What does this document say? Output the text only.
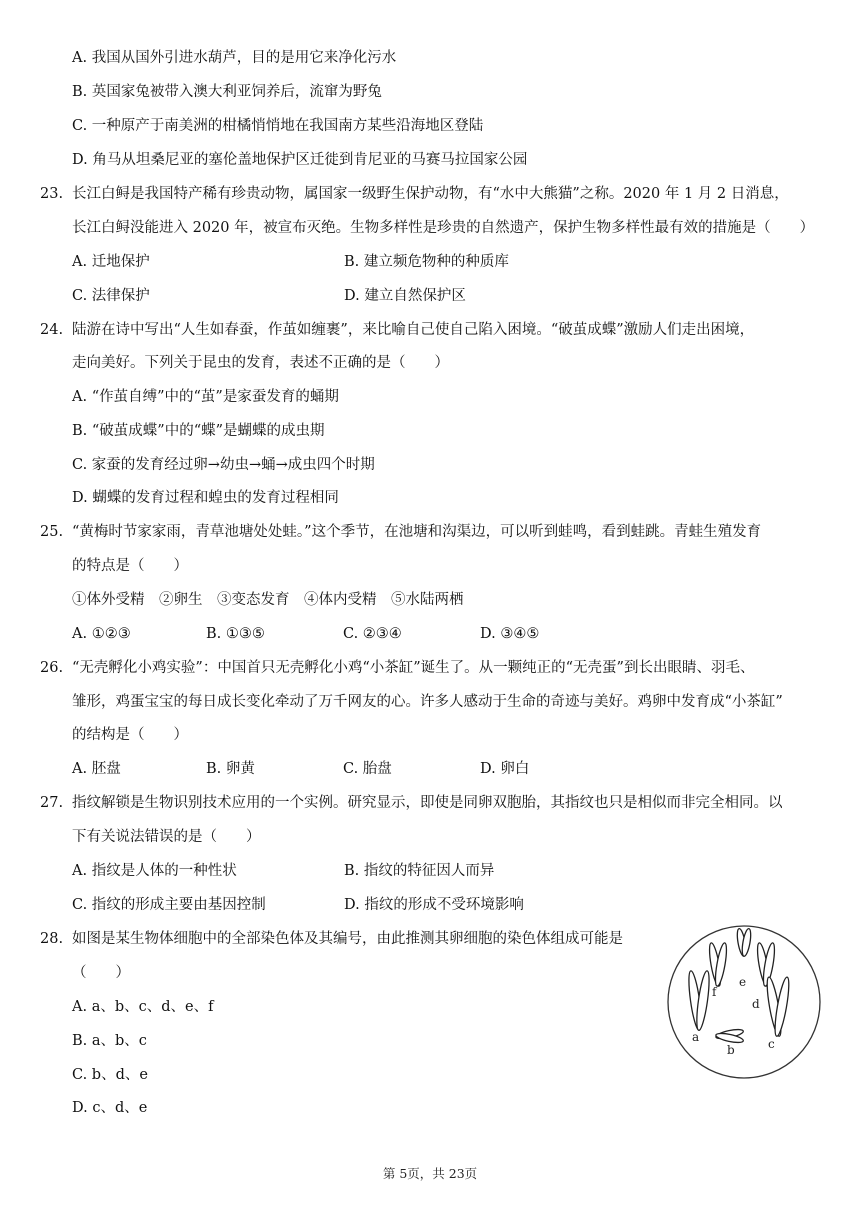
A. 我国从国外引进水葫芦，目的是用它来净化污水
B. 英国家兔被带入澳大利亚饲养后，流窜为野兔
C. 一种原产于南美洲的柑橘悄悄地在我国南方某些沿海地区登陆
D. 角马从坦桑尼亚的塞伦盖地保护区迁徙到肯尼亚的马赛马拉国家公园
23. 长江白鲟是我国特产稀有珍贵动物，属国家一级野生保护动物，有“水中大熊猫”之称。2020 年 1 月 2 日消息，
长江白鲟没能进入 2020 年，被宣布灭绝。生物多样性是珍贵的自然遗产，保护生物多样性最有效的措施是（　　）
A. 迁地保护	B. 建立频危物种的种质库
C. 法律保护	D. 建立自然保护区
24. 陆游在诗中写出“人生如春蚕，作茧如缠裹”，来比喻自己使自己陷入困境。“破茧成蝶”激励人们走出困境，
走向美好。下列关于昆虫的发育，表述不正确的是（　　）
A. “作茧自缚”中的“茧”是家蚕发育的蛹期
B. “破茧成蝶”中的“蝶”是蝴蝶的成虫期
C. 家蚕的发育经过卵→幼虫→蛹→成虫四个时期
D. 蝴蝶的发育过程和蝗虫的发育过程相同
25. “黄梅时节家家雨，青草池塘处处蛙。”这个季节，在池塘和沟渠边，可以听到蛙鸣，看到蛙跳。青蛙生殖发育
的特点是（　　）
①体外受精　②卵生　③变态发育　④体内受精　⑤水陆两栖
A. ①②③	B. ①③⑤	C. ②③④	D. ③④⑤
26. “无壳孵化小鸡实验”：中国首只无壳孵化小鸡“小茶缸”诞生了。从一颗纯正的“无壳蛋”到长出眼睛、羽毛、
雏形，鸡蛋宝宝的每日成长变化牵动了万千网友的心。许多人感动于生命的奇迹与美好。鸡卵中发育成“小茶缸”
的结构是（　　）
A. 胚盘	B. 卵黄	C. 胎盘	D. 卵白
27. 指纹解锁是生物识别技术应用的一个实例。研究显示，即使是同卵双胞胎，其指纹也只是相似而非完全相同。以
下有关说法错误的是（　　）
A. 指纹是人体的一种性状	B. 指纹的特征因人而异
C. 指纹的形成主要由基因控制	D. 指纹的形成不受环境影响
28. 如图是某生物体细胞中的全部染色体及其编号，由此推测其卵细胞的染色体组成可能是
（　　）
A. a、b、c、d、e、f
B. a、b、c
C. b、d、e
D. c、d、e
a
b	c
d
e
f
第 5页，共 23页
